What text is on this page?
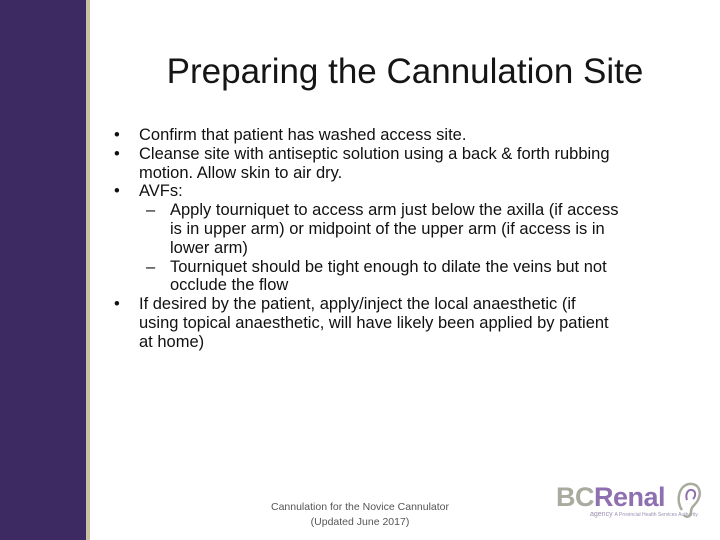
Preparing the Cannulation Site
• Confirm that patient has washed access site.
• Cleanse site with antiseptic solution using a back & forth rubbing
motion. Allow skin to air dry.
• AVFs:
– Apply tourniquet to access arm just below the axilla (if access
is in upper arm) or midpoint of the upper arm (if access is in
lower arm)
– Tourniquet should be tight enough to dilate the veins but not
occlude the flow
• If desired by the patient, apply/inject the local anaesthetic (if
using topical anaesthetic, will have likely been applied by patient
at home)
Cannulation for the Novice Cannulator
(Updated June 2017)
BCRenal
agency A Provincial Health Services Authority
